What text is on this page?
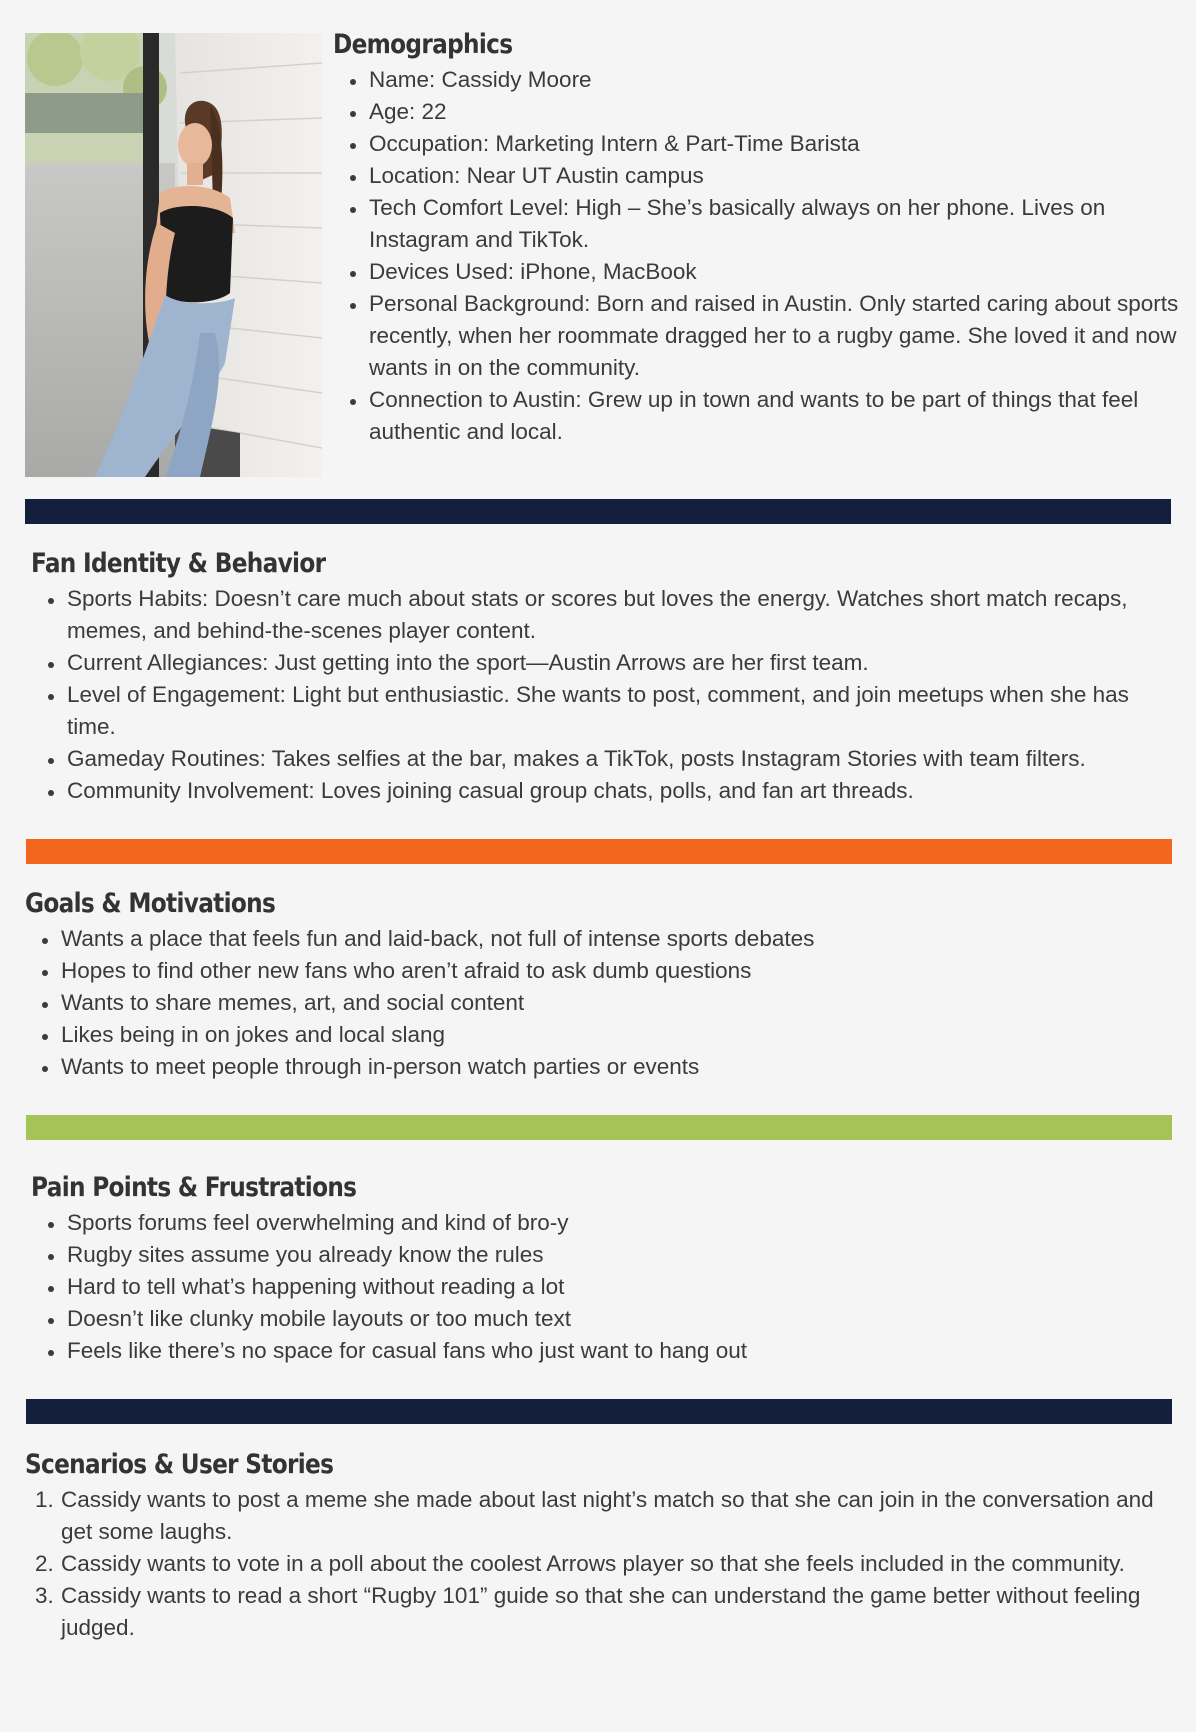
Demographics
• Name: Cassidy Moore
• Age: 22
• Occupation: Marketing Intern & Part-Time Barista
• Location: Near UT Austin campus
• Tech Comfort Level: High – She’s basically always on her phone. Lives on Instagram and TikTok.
• Devices Used: iPhone, MacBook
• Personal Background: Born and raised in Austin. Only started caring about sports recently, when her roommate dragged her to a rugby game. She loved it and now wants in on the community.
• Connection to Austin: Grew up in town and wants to be part of things that feel authentic and local.
Fan Identity & Behavior
• Sports Habits: Doesn’t care much about stats or scores but loves the energy. Watches short match recaps, memes, and behind-the-scenes player content.
• Current Allegiances: Just getting into the sport—Austin Arrows are her first team.
• Level of Engagement: Light but enthusiastic. She wants to post, comment, and join meetups when she has time.
• Gameday Routines: Takes selfies at the bar, makes a TikTok, posts Instagram Stories with team filters.
• Community Involvement: Loves joining casual group chats, polls, and fan art threads.
Goals & Motivations
• Wants a place that feels fun and laid-back, not full of intense sports debates
• Hopes to find other new fans who aren’t afraid to ask dumb questions
• Wants to share memes, art, and social content
• Likes being in on jokes and local slang
• Wants to meet people through in-person watch parties or events
Pain Points & Frustrations
• Sports forums feel overwhelming and kind of bro-y
• Rugby sites assume you already know the rules
• Hard to tell what’s happening without reading a lot
• Doesn’t like clunky mobile layouts or too much text
• Feels like there’s no space for casual fans who just want to hang out
Scenarios & User Stories
1. Cassidy wants to post a meme she made about last night’s match so that she can join in the conversation and get some laughs.
2. Cassidy wants to vote in a poll about the coolest Arrows player so that she feels included in the community.
3. Cassidy wants to read a short “Rugby 101” guide so that she can understand the game better without feeling judged.
